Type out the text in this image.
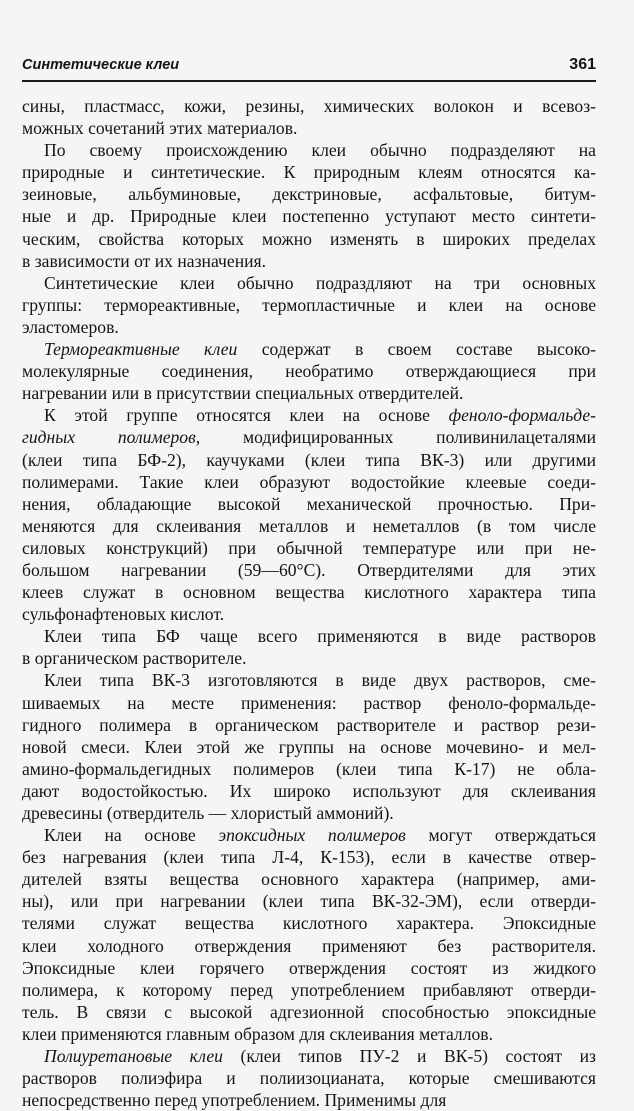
Синтетические клеи	361
сины, пластмасс, кожи, резины, химических волокон и всевоз-
можных сочетаний этих материалов.
По своему происхождению клеи обычно подразделяют на
природные и синтетические. К природным клеям относятся ка-
зеиновые, альбуминовые, декстриновые, асфальтовые, битум-
ные и др. Природные клеи постепенно уступают место синтети-
ческим, свойства которых можно изменять в широких пределах
в зависимости от их назначения.
Синтетические клеи обычно подраздляют на три основных
группы: термореактивные, термопластичные и клеи на основе
эластомеров.
Термореактивные клеи содержат в своем составе высоко-
молекулярные соединения, необратимо отверждающиеся при
нагревании или в присутствии специальных отвердителей.
К этой группе относятся клеи на основе феноло-формальде-
гидных полимеров, модифицированных поливинилацеталями
(клеи типа БФ-2), каучуками (клеи типа ВК-3) или другими
полимерами. Такие клеи образуют водостойкие клеевые соеди-
нения, обладающие высокой механической прочностью. При-
меняются для склеивания металлов и неметаллов (в том числе
силовых конструкций) при обычной температуре или при не-
большом нагревании (59—60°С). Отвердителями для этих
клеев служат в основном вещества кислотного характера типа
сульфонафтеновых кислот.
Клеи типа БФ чаще всего применяются в виде растворов
в органическом растворителе.
Клеи типа ВК-3 изготовляются в виде двух растворов, сме-
шиваемых на месте применения: раствор феноло-формальде-
гидного полимера в органическом растворителе и раствор рези-
новой смеси. Клеи этой же группы на основе мочевино- и мел-
амино-формальдегидных полимеров (клеи типа К-17) не обла-
дают водостойкостью. Их широко используют для склеивания
древесины (отвердитель — хлористый аммоний).
Клеи на основе эпоксидных полимеров могут отверждаться
без нагревания (клеи типа Л-4, К-153), если в качестве отвер-
дителей взяты вещества основного характера (например, ами-
ны), или при нагревании (клеи типа ВК-32-ЭМ), если отверди-
телями служат вещества кислотного характера. Эпоксидные
клеи холодного отверждения применяют без растворителя.
Эпоксидные клеи горячего отверждения состоят из жидкого
полимера, к которому перед употреблением прибавляют отверди-
тель. В связи с высокой адгезионной способностью эпоксидные
клеи применяются главным образом для склеивания металлов.
Полиуретановые клеи (клеи типов ПУ-2 и ВК-5) состоят из
растворов полиэфира и полиизоцианата, которые смешиваются
непосредственно перед употреблением. Применимы для
